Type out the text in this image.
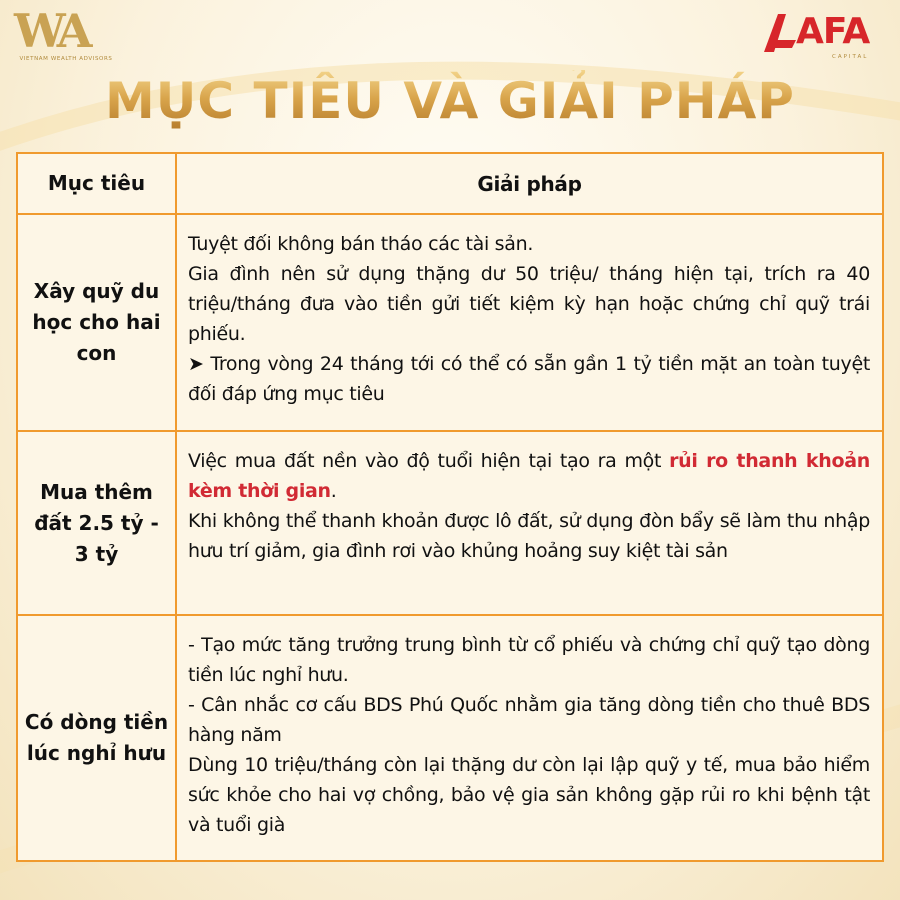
WA
VIETNAM WEALTH ADVISORS
AFA
CAPITAL
MỤC TIÊU VÀ GIẢI PHÁP
Mục tiêu	Giải pháp
Xây quỹ du học cho hai con

Tuyệt đối không bán tháo các tài sản.

Gia đình nên sử dụng thặng dư 50 triệu/ tháng hiện tại, trích ra 40 triệu/tháng đưa vào tiền gửi tiết kiệm kỳ hạn hoặc chứng chỉ quỹ trái phiếu.

➤ Trong vòng 24 tháng tới có thể có sẵn gần 1 tỷ tiền mặt an toàn tuyệt đối đáp ứng mục tiêu

Mua thêm đất 2.5 tỷ - 3 tỷ

Việc mua đất nền vào độ tuổi hiện tại tạo ra một rủi ro thanh khoản kèm thời gian.

Khi không thể thanh khoản được lô đất, sử dụng đòn bẩy sẽ làm thu nhập hưu trí giảm, gia đình rơi vào khủng hoảng suy kiệt tài sản

Có dòng tiền lúc nghỉ hưu

- Tạo mức tăng trưởng trung bình từ cổ phiếu và chứng chỉ quỹ tạo dòng tiền lúc nghỉ hưu.

- Cân nhắc cơ cấu BDS Phú Quốc nhằm gia tăng dòng tiền cho thuê BDS hàng năm

Dùng 10 triệu/tháng còn lại thặng dư còn lại lập quỹ y tế, mua bảo hiểm sức khỏe cho hai vợ chồng, bảo vệ gia sản không gặp rủi ro khi bệnh tật và tuổi già
